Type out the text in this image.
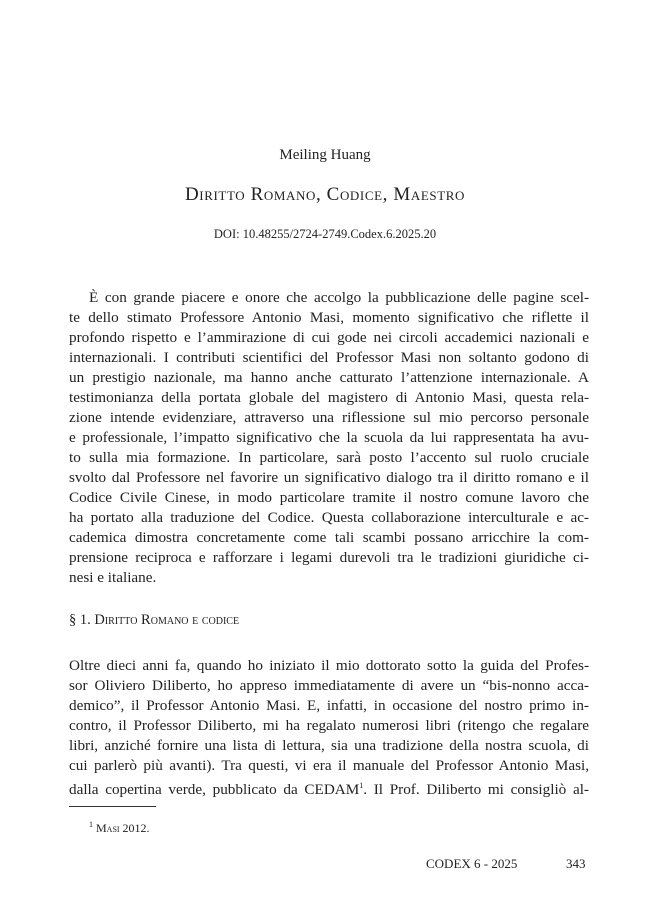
Meiling Huang
Diritto Romano, Codice, Maestro
DOI: 10.48255/2724-2749.Codex.6.2025.20
È con grande piacere e onore che accolgo la pubblicazione delle pagine scel-
te dello stimato Professore Antonio Masi, momento significativo che riflette il
profondo rispetto e l’ammirazione di cui gode nei circoli accademici nazionali e
internazionali. I contributi scientifici del Professor Masi non soltanto godono di
un prestigio nazionale, ma hanno anche catturato l’attenzione internazionale. A
testimonianza della portata globale del magistero di Antonio Masi, questa rela-
zione intende evidenziare, attraverso una riflessione sul mio percorso personale
e professionale, l’impatto significativo che la scuola da lui rappresentata ha avu-
to sulla mia formazione. In particolare, sarà posto l’accento sul ruolo cruciale
svolto dal Professore nel favorire un significativo dialogo tra il diritto romano e il
Codice Civile Cinese, in modo particolare tramite il nostro comune lavoro che
ha portato alla traduzione del Codice. Questa collaborazione interculturale e ac-
cademica dimostra concretamente come tali scambi possano arricchire la com-
prensione reciproca e rafforzare i legami durevoli tra le tradizioni giuridiche ci-
nesi e italiane.
§ 1. Diritto Romano e codice
Oltre dieci anni fa, quando ho iniziato il mio dottorato sotto la guida del Profes-
sor Oliviero Diliberto, ho appreso immediatamente di avere un “bis-nonno acca-
demico”, il Professor Antonio Masi. E, infatti, in occasione del nostro primo in-
contro, il Professor Diliberto, mi ha regalato numerosi libri (ritengo che regalare
libri, anziché fornire una lista di lettura, sia una tradizione della nostra scuola, di
cui parlerò più avanti). Tra questi, vi era il manuale del Professor Antonio Masi,
dalla copertina verde, pubblicato da CEDAM$^1$. Il Prof. Diliberto mi consigliò al-
$^1$ Masi 2012.
CODEX 6 - 2025	343
